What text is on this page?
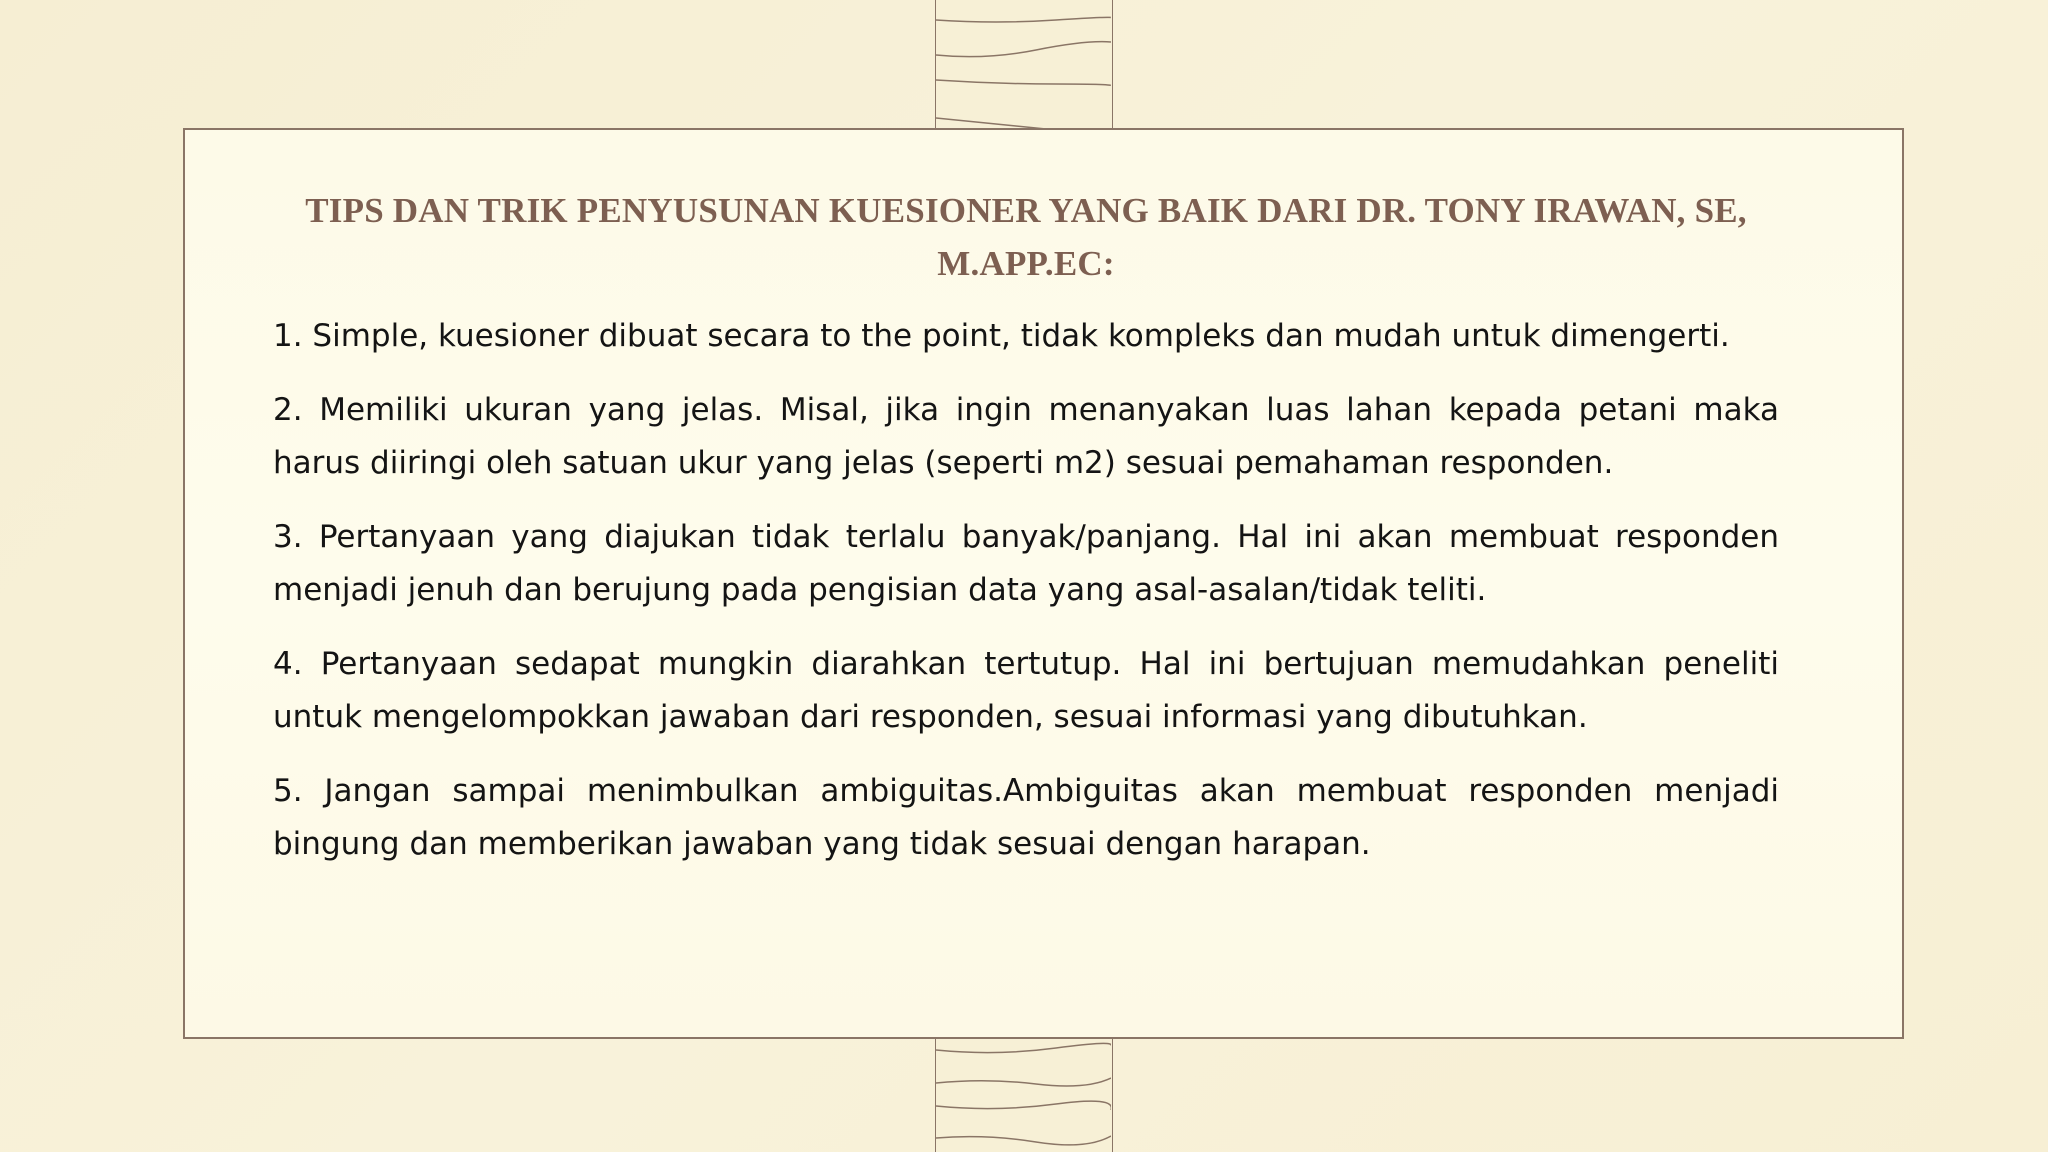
TIPS DAN TRIK PENYUSUNAN KUESIONER YANG BAIK DARI DR. TONY IRAWAN, SE, M.APP.EC:
1. Simple, kuesioner dibuat secara to the point, tidak kompleks dan mudah untuk dimengerti.
2. Memiliki ukuran yang jelas. Misal, jika ingin menanyakan luas lahan kepada petani maka harus diiringi oleh satuan ukur yang jelas (seperti m2) sesuai pemahaman responden.
3. Pertanyaan yang diajukan tidak terlalu banyak/panjang. Hal ini akan membuat responden menjadi jenuh dan berujung pada pengisian data yang asal-asalan/tidak teliti.
4. Pertanyaan sedapat mungkin diarahkan tertutup. Hal ini bertujuan memudahkan peneliti untuk mengelompokkan jawaban dari responden, sesuai informasi yang dibutuhkan.
5. Jangan sampai menimbulkan ambiguitas.Ambiguitas akan membuat responden menjadi bingung dan memberikan jawaban yang tidak sesuai dengan harapan.
